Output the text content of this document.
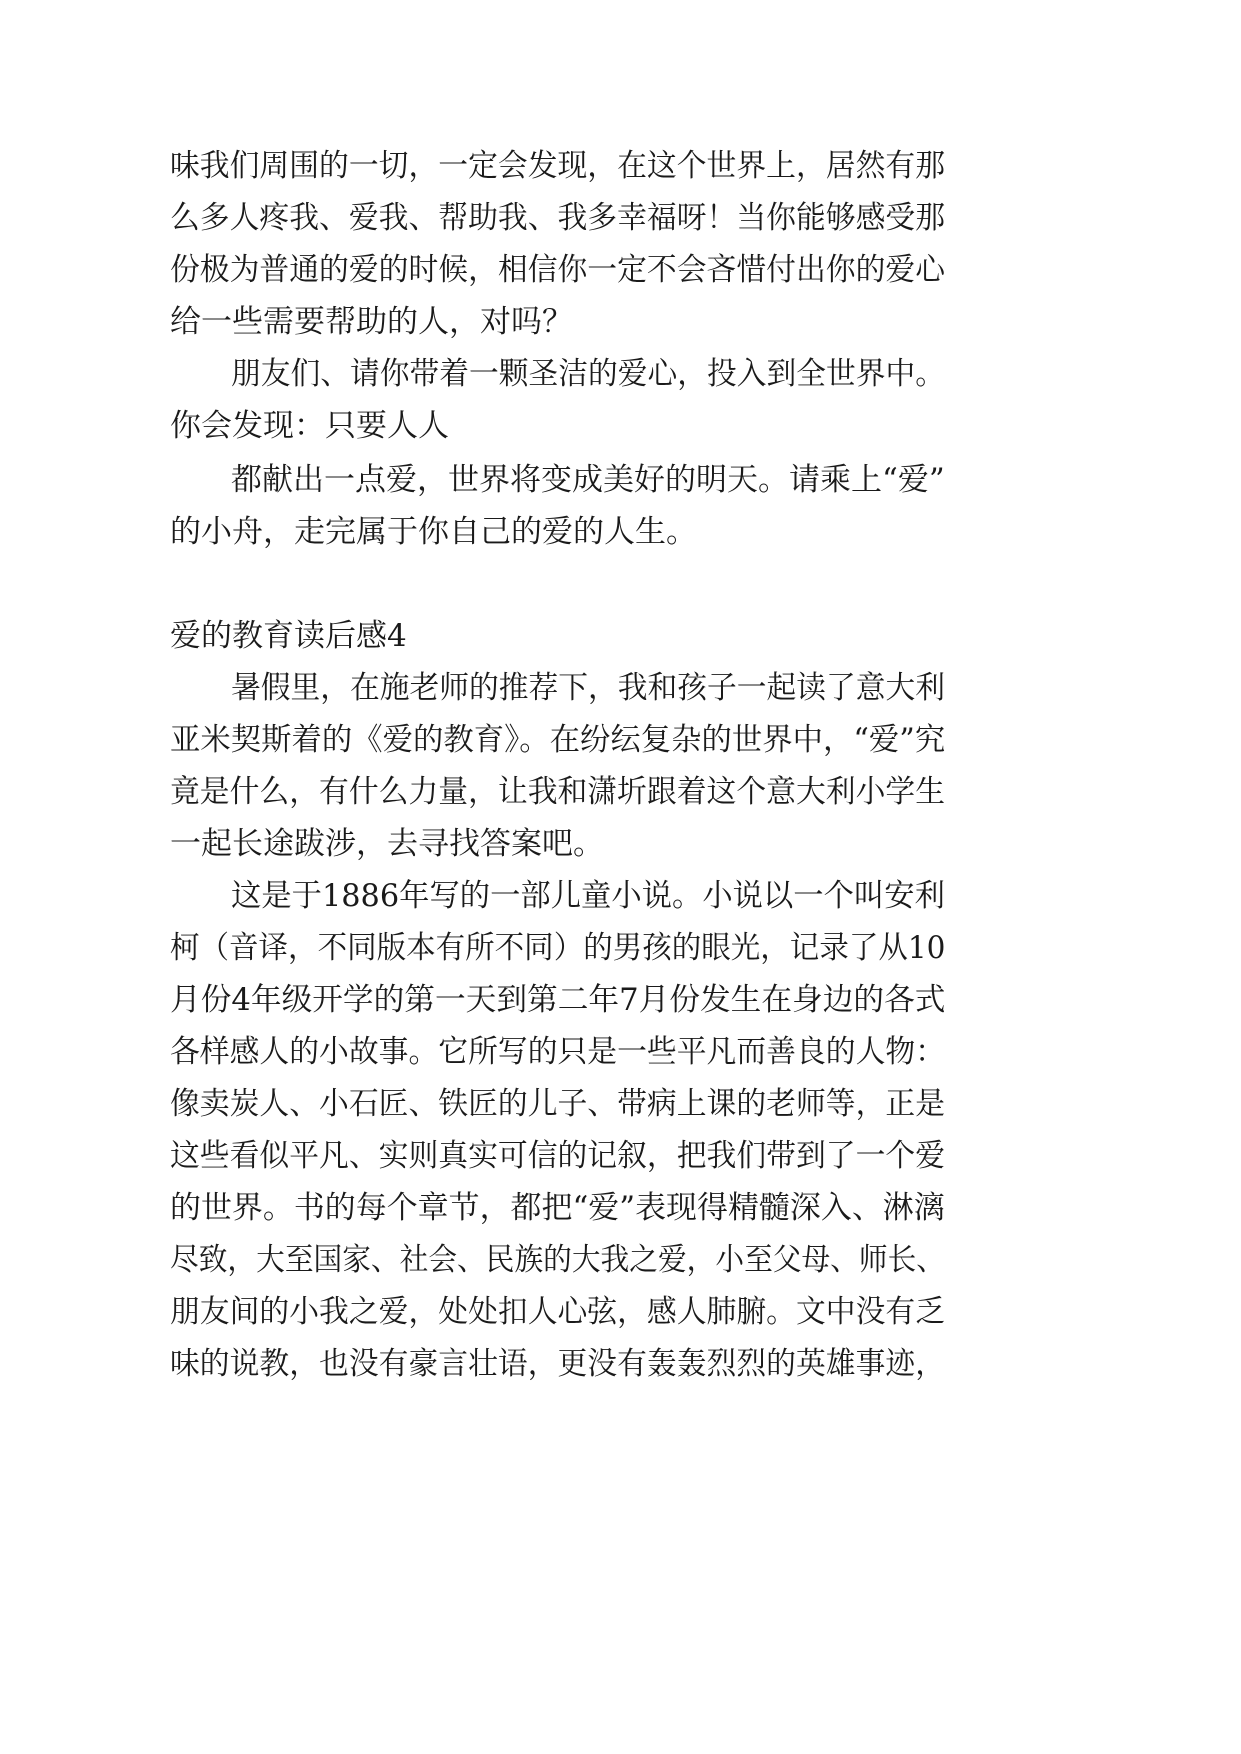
味我们周围的一切，一定会发现，在这个世界上，居然有那
么多人疼我、爱我、帮助我、我多幸福呀！当你能够感受那
份极为普通的爱的时候，相信你一定不会吝惜付出你的爱心
给一些需要帮助的人，对吗？
朋友们、请你带着一颗圣洁的爱心，投入到全世界中。
你会发现：只要人人
都献出一点爱，世界将变成美好的明天。请乘上“爱”
的小舟，走完属于你自己的爱的人生。
爱的教育读后感4
暑假里，在施老师的推荐下，我和孩子一起读了意大利
亚米契斯着的《爱的教育》。在纷纭复杂的世界中，“爱”究
竟是什么，有什么力量，让我和潇圻跟着这个意大利小学生
一起长途跋涉，去寻找答案吧。
这是于1886年写的一部儿童小说。小说以一个叫安利
柯（音译，不同版本有所不同）的男孩的眼光，记录了从10
月份4年级开学的第一天到第二年7月份发生在身边的各式
各样感人的小故事。它所写的只是一些平凡而善良的人物：
像卖炭人、小石匠、铁匠的儿子、带病上课的老师等，正是
这些看似平凡、实则真实可信的记叙，把我们带到了一个爱
的世界。书的每个章节，都把“爱”表现得精髓深入、淋漓
尽致，大至国家、社会、民族的大我之爱，小至父母、师长、
朋友间的小我之爱，处处扣人心弦，感人肺腑。文中没有乏
味的说教，也没有豪言壮语，更没有轰轰烈烈的英雄事迹，
